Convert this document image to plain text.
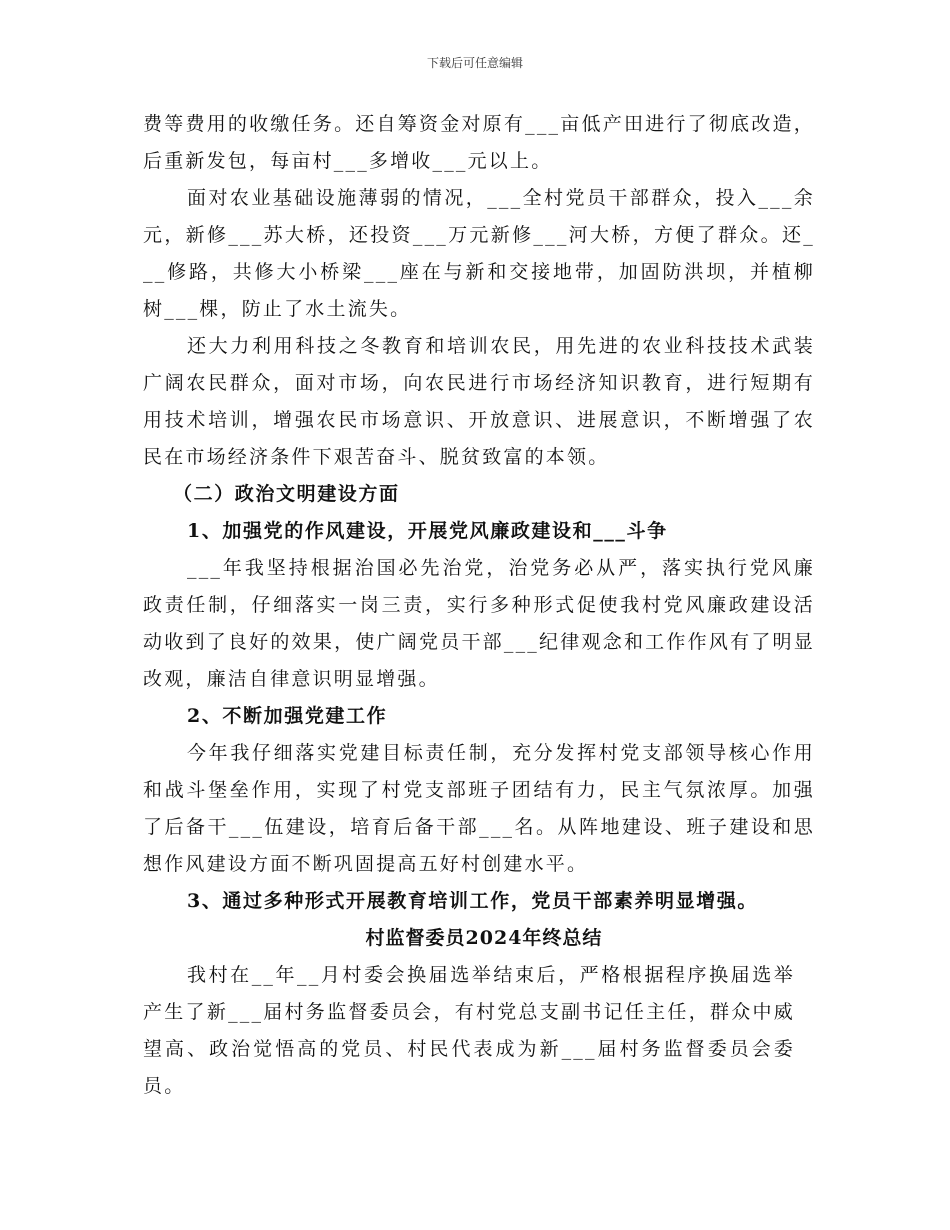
下载后可任意编辑

费等费用的收缴任务。还自筹资金对原有___亩低产田进行了彻底改造，后重新发包，每亩村___多增收___元以上。

面对农业基础设施薄弱的情况，___全村党员干部群众，投入___余元，新修___苏大桥，还投资___万元新修___河大桥，方便了群众。还___修路，共修大小桥梁___座在与新和交接地带，加固防洪坝，并植柳树___棵，防止了水土流失。

还大力利用科技之冬教育和培训农民，用先进的农业科技技术武装广阔农民群众，面对市场，向农民进行市场经济知识教育，进行短期有用技术培训，增强农民市场意识、开放意识、进展意识，不断增强了农民在市场经济条件下艰苦奋斗、脱贫致富的本领。

（二）政治文明建设方面

1、加强党的作风建设，开展党风廉政建设和___斗争

___年我坚持根据治国必先治党，治党务必从严，落实执行党风廉政责任制，仔细落实一岗三责，实行多种形式促使我村党风廉政建设活动收到了良好的效果，使广阔党员干部___纪律观念和工作作风有了明显改观，廉洁自律意识明显增强。

2、不断加强党建工作

今年我仔细落实党建目标责任制，充分发挥村党支部领导核心作用和战斗堡垒作用，实现了村党支部班子团结有力，民主气氛浓厚。加强了后备干___伍建设，培育后备干部___名。从阵地建设、班子建设和思想作风建设方面不断巩固提高五好村创建水平。

3、通过多种形式开展教育培训工作，党员干部素养明显增强。

村监督委员2024年终总结

我村在__年__月村委会换届选举结束后，严格根据程序换届选举产生了新___届村务监督委员会，有村党总支副书记任主任，群众中威望高、政治觉悟高的党员、村民代表成为新___届村务监督委员会委员。
